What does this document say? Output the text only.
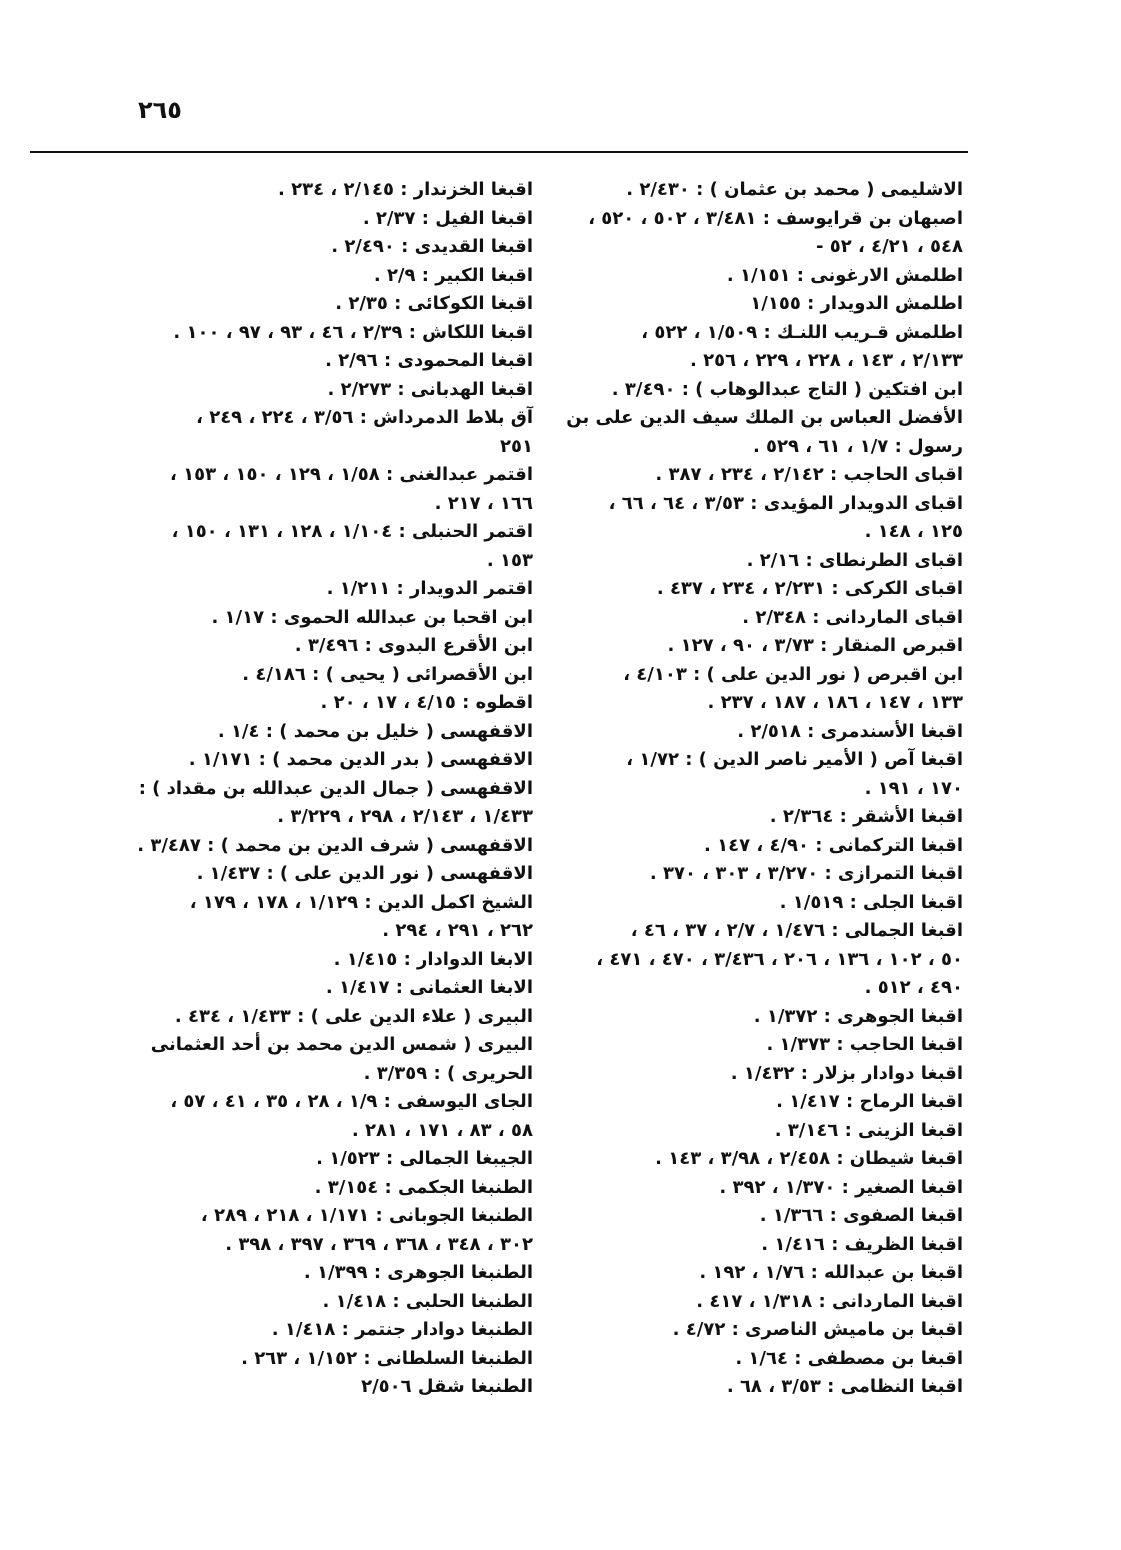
٢٦٥
الاشليمى ( محمد بن عثمان ) : ٢/٤٣٠ .
اصبهان بن قرايوسف : ٣/٤٨١ ، ٥٠٢ ، ٥٢٠ ،
٥٤٨ ، ٤/٢١ ، ٥٢ -
اطلمش الارغونى : ١/١٥١ .
اطلمش الدويدار : ١/١٥٥
اطلمش قـريب اللنـك : ١/٥٠٩ ، ٥٢٢ ،
٢/١٣٣ ، ١٤٣ ، ٢٢٨ ، ٢٢٩ ، ٢٥٦ .
ابن افتكين ( التاج عبدالوهاب ) : ٣/٤٩٠ .
الأفضل العباس بن الملك سيف الدين على بن
رسول : ١/٧ ، ٦١ ، ٥٢٩ .
اقباى الحاجب : ٢/١٤٢ ، ٢٣٤ ، ٣٨٧ .
اقباى الدويدار المؤيدى : ٣/٥٣ ، ٦٤ ، ٦٦ ،
١٢٥ ، ١٤٨ .
اقباى الطرنطاى : ٢/١٦ .
اقباى الكركى : ٢/٢٣١ ، ٢٣٤ ، ٤٣٧ .
اقباى الماردانى : ٢/٣٤٨ .
اقبرص المنقار : ٣/٧٣ ، ٩٠ ، ١٢٧ .
ابن اقبرص ( نور الدين على ) : ٤/١٠٣ ،
١٣٣ ، ١٤٧ ، ١٨٦ ، ١٨٧ ، ٢٣٧ .
اقبغا الأسندمرى : ٢/٥١٨ .
اقبغا آص ( الأمير ناصر الدين ) : ١/٧٢ ،
١٧٠ ، ١٩١ .
اقبغا الأشقر : ٢/٣٦٤ .
اقبغا التركمانى : ٤/٩٠ ، ١٤٧ .
اقبغا التمرازى : ٣/٢٧٠ ، ٣٠٣ ، ٣٧٠ .
اقبغا الجلى : ١/٥١٩ .
اقبغا الجمالى : ١/٤٧٦ ، ٢/٧ ، ٣٧ ، ٤٦ ،
٥٠ ، ١٠٢ ، ١٣٦ ، ٢٠٦ ، ٣/٤٣٦ ، ٤٧٠ ، ٤٧١ ،
٤٩٠ ، ٥١٢ .
اقبغا الجوهرى : ١/٣٧٢ .
اقبغا الحاجب : ١/٣٧٣ .
اقبغا دوادار بزلار : ١/٤٣٢ .
اقبغا الرماح : ١/٤١٧ .
اقبغا الزينى : ٣/١٤٦ .
اقبغا شيطان : ٢/٤٥٨ ، ٣/٩٨ ، ١٤٣ .
اقبغا الصغير : ١/٣٧٠ ، ٣٩٢ .
اقبغا الصفوى : ١/٣٦٦ .
اقبغا الظريف : ١/٤١٦ .
اقبغا بن عبدالله : ١/٧٦ ، ١٩٢ .
اقبغا الماردانى : ١/٣١٨ ، ٤١٧ .
اقبغا بن ماميش الناصرى : ٤/٧٢ .
اقبغا بن مصطفى : ١/٦٤ .
اقبغا النظامى : ٣/٥٣ ، ٦٨ .
اقبغا الخزندار : ٢/١٤٥ ، ٢٣٤ .
اقبغا الفيل : ٢/٣٧ .
اقبغا القديدى : ٢/٤٩٠ .
اقبغا الكبير : ٢/٩ .
اقبغا الكوكائى : ٢/٣٥ .
اقبغا اللكاش : ٢/٣٩ ، ٤٦ ، ٩٣ ، ٩٧ ، ١٠٠ .
اقبغا المحمودى : ٢/٩٦ .
اقبغا الهدبانى : ٢/٢٧٣ .
آق بلاط الدمرداش : ٣/٥٦ ، ٢٢٤ ، ٢٤٩ ،
٢٥١
اقتمر عبدالغنى : ١/٥٨ ، ١٢٩ ، ١٥٠ ، ١٥٣ ،
١٦٦ ، ٢١٧ .
اقتمر الحنبلى : ١/١٠٤ ، ١٢٨ ، ١٣١ ، ١٥٠ ،
١٥٣ .
اقتمر الدويدار : ١/٢١١ .
ابن اقحبا بن عبدالله الحموى : ١/١٧ .
ابن الأقرع البدوى : ٣/٤٩٦ .
ابن الأقصرائى ( يحيى ) : ٤/١٨٦ .
اقطوه : ٤/١٥ ، ١٧ ، ٢٠ .
الاقفهسى ( خليل بن محمد ) : ١/٤ .
الاقفهسى ( بدر الدين محمد ) : ١/١٧١ .
الاقفهسى ( جمال الدين عبدالله بن مقداد ) :
١/٤٣٣ ، ٢/١٤٣ ، ٢٩٨ ، ٣/٢٢٩ .
الاقفهسى ( شرف الدين بن محمد ) : ٣/٤٨٧ .
الاقفهسى ( نور الدين على ) : ١/٤٣٧ .
الشيخ اكمل الدين : ١/١٢٩ ، ١٧٨ ، ١٧٩ ،
٢٦٢ ، ٢٩١ ، ٢٩٤ .
الابغا الدوادار : ١/٤١٥ .
الابغا العثمانى : ١/٤١٧ .
البيرى ( علاء الدين على ) : ١/٤٣٣ ، ٤٣٤ .
البيرى ( شمس الدين محمد بن أحد العثمانى
الحريرى ) : ٣/٣٥٩ .
الجاى اليوسفى : ١/٩ ، ٢٨ ، ٣٥ ، ٤١ ، ٥٧ ،
٥٨ ، ٨٣ ، ١٧١ ، ٢٨١ .
الجيبغا الجمالى : ١/٥٢٣ .
الطنبغا الجكمى : ٣/١٥٤ .
الطنبغا الجوبانى : ١/١٧١ ، ٢١٨ ، ٢٨٩ ،
٣٠٢ ، ٣٤٨ ، ٣٦٨ ، ٣٦٩ ، ٣٩٧ ، ٣٩٨ .
الطنبغا الجوهرى : ١/٣٩٩ .
الطنبغا الحلبى : ١/٤١٨ .
الطنبغا دوادار جنتمر : ١/٤١٨ .
الطنبغا السلطانى : ١/١٥٢ ، ٢٦٣ .
الطنبغا شقل ٢/٥٠٦
